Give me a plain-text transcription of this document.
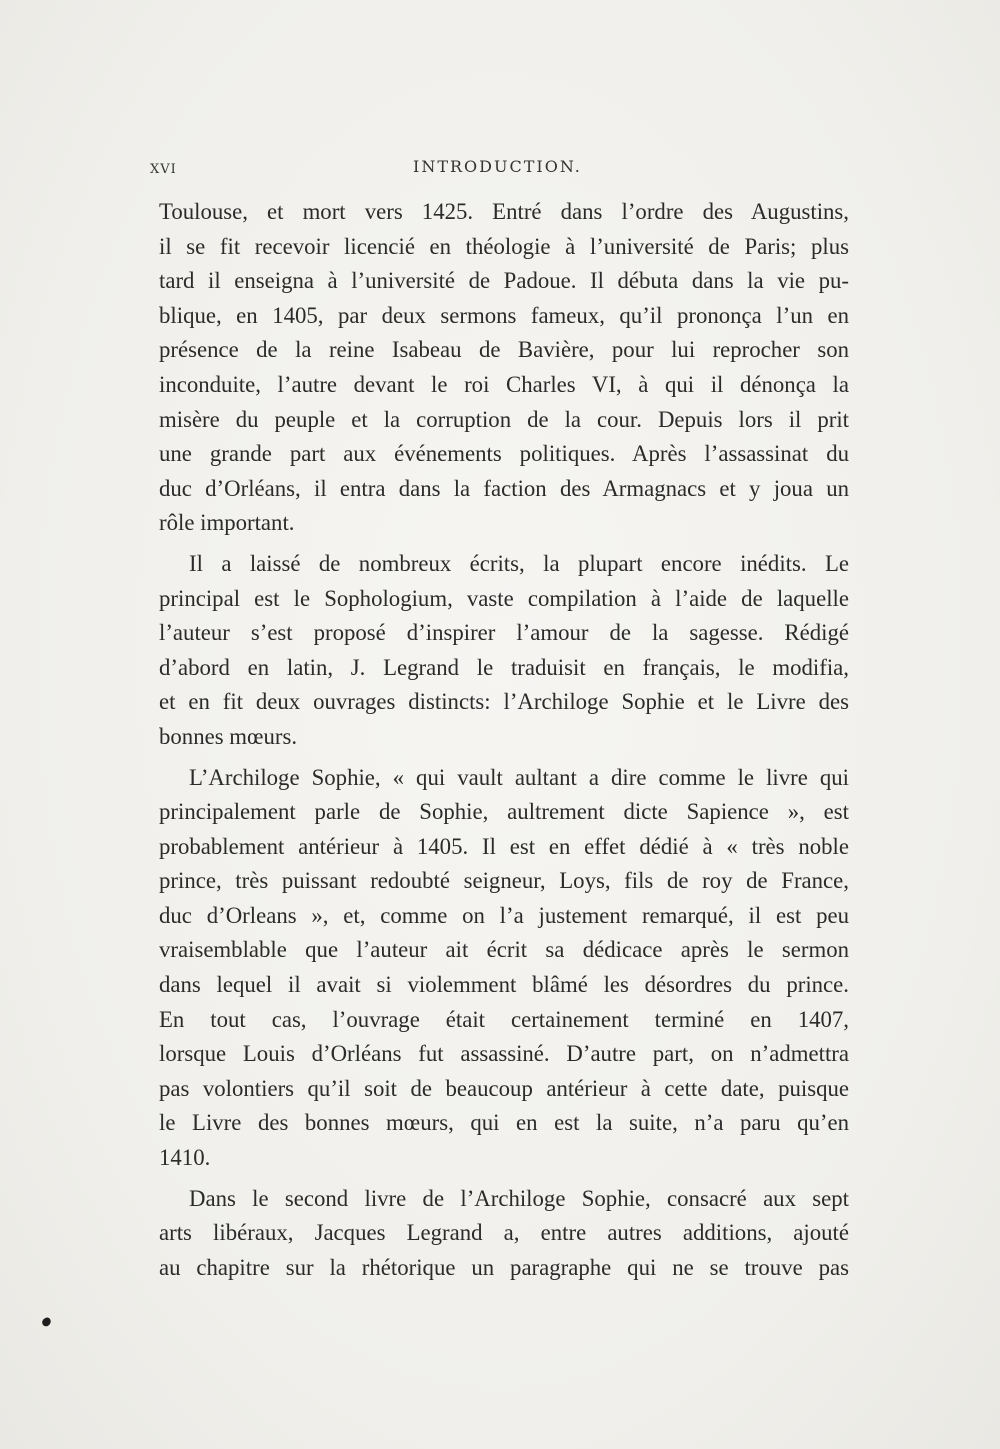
XVI	INTRODUCTION.
Toulouse, et mort vers 1425. Entré dans l’ordre des Augustins,
il se fit recevoir licencié en théologie à l’université de Paris; plus
tard il enseigna à l’université de Padoue. Il débuta dans la vie pu-
blique, en 1405, par deux sermons fameux, qu’il prononça l’un en
présence de la reine Isabeau de Bavière, pour lui reprocher son
inconduite, l’autre devant le roi Charles VI, à qui il dénonça la
misère du peuple et la corruption de la cour. Depuis lors il prit
une grande part aux événements politiques. Après l’assassinat du
duc d’Orléans, il entra dans la faction des Armagnacs et y joua un
rôle important.
Il a laissé de nombreux écrits, la plupart encore inédits. Le
principal est le Sophologium, vaste compilation à l’aide de laquelle
l’auteur s’est proposé d’inspirer l’amour de la sagesse. Rédigé
d’abord en latin, J. Legrand le traduisit en français, le modifia,
et en fit deux ouvrages distincts: l’Archiloge Sophie et le Livre des
bonnes mœurs.
L’Archiloge Sophie, « qui vault aultant a dire comme le livre qui
principalement parle de Sophie, aultrement dicte Sapience », est
probablement antérieur à 1405. Il est en effet dédié à « très noble
prince, très puissant redoubté seigneur, Loys, fils de roy de France,
duc d’Orleans », et, comme on l’a justement remarqué, il est peu
vraisemblable que l’auteur ait écrit sa dédicace après le sermon
dans lequel il avait si violemment blâmé les désordres du prince.
En tout cas, l’ouvrage était certainement terminé en 1407,
lorsque Louis d’Orléans fut assassiné. D’autre part, on n’admettra
pas volontiers qu’il soit de beaucoup antérieur à cette date, puisque
le Livre des bonnes mœurs, qui en est la suite, n’a paru qu’en
1410.
Dans le second livre de l’Archiloge Sophie, consacré aux sept
arts libéraux, Jacques Legrand a, entre autres additions, ajouté
au chapitre sur la rhétorique un paragraphe qui ne se trouve pas
